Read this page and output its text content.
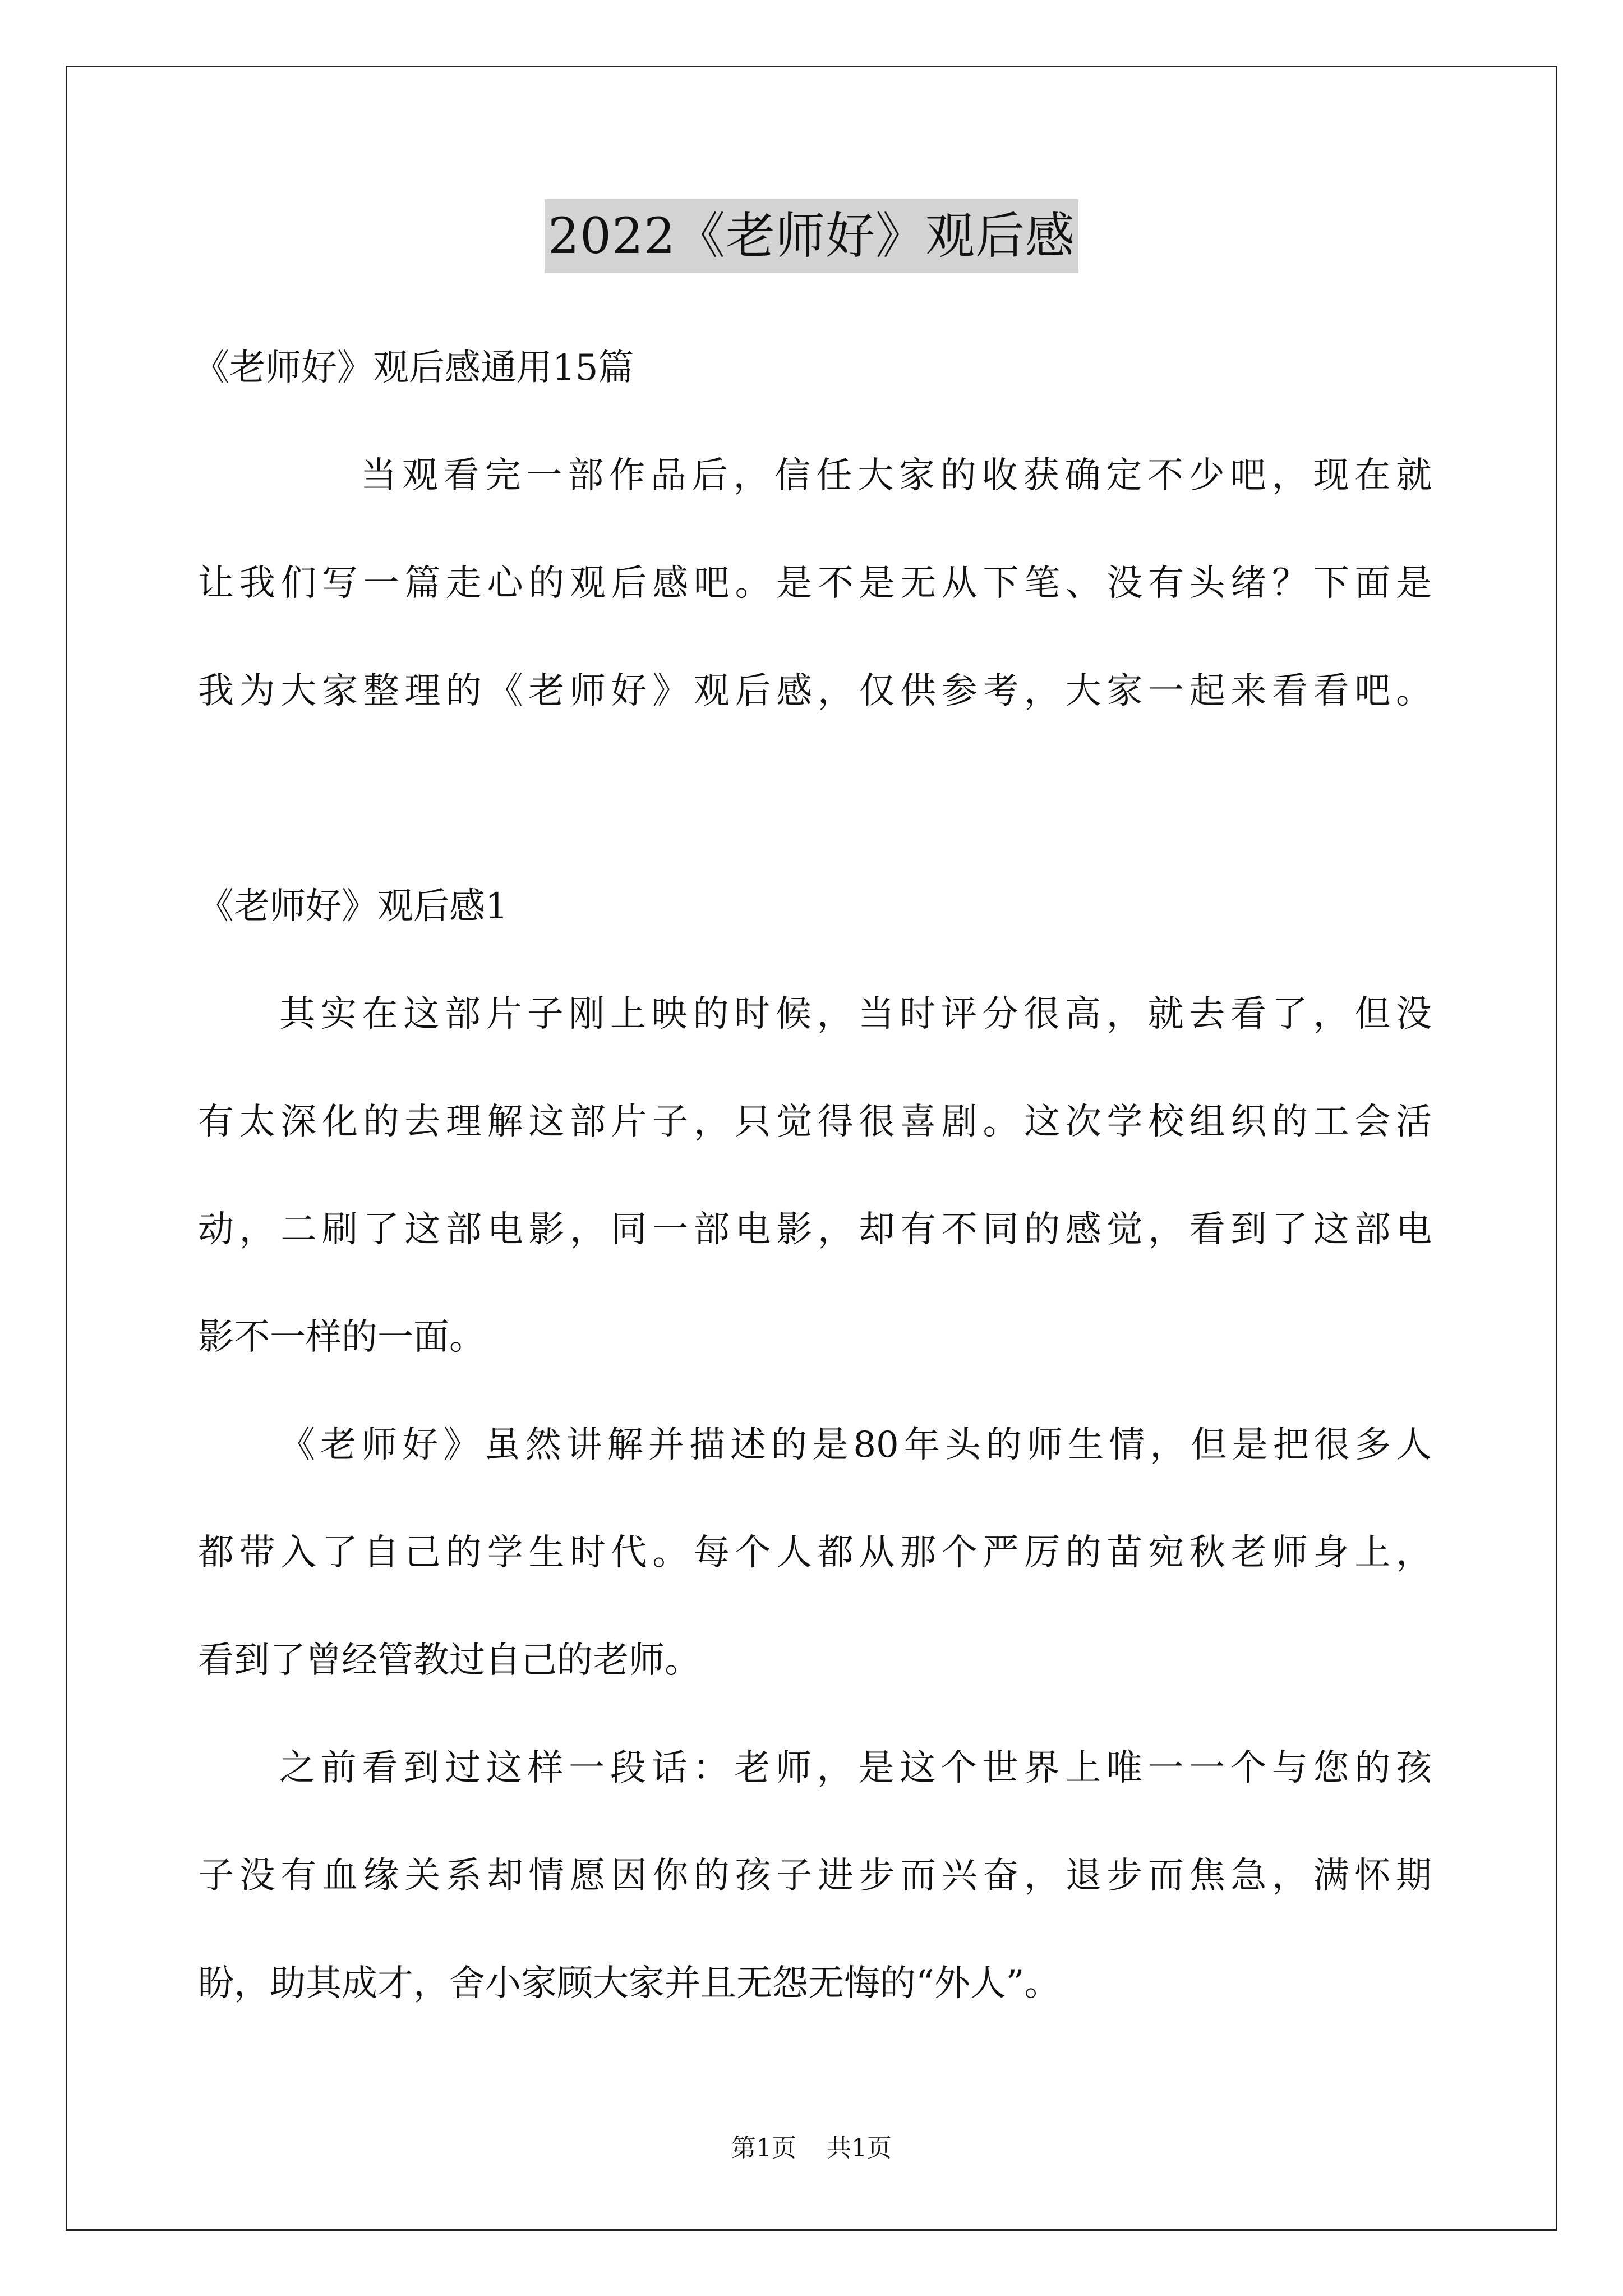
2022《老师好》观后感

《老师好》观后感通用15篇

当观看完一部作品后，信任大家的收获确定不少吧，现在就

让我们写一篇走心的观后感吧。是不是无从下笔、没有头绪？下面是

我为大家整理的《老师好》观后感，仅供参考，大家一起来看看吧。

《老师好》观后感1

其实在这部片子刚上映的时候，当时评分很高，就去看了，但没

有太深化的去理解这部片子，只觉得很喜剧。这次学校组织的工会活

动，二刷了这部电影，同一部电影，却有不同的感觉，看到了这部电

影不一样的一面。

《老师好》虽然讲解并描述的是80年头的师生情，但是把很多人

都带入了自己的学生时代。每个人都从那个严厉的苗宛秋老师身上，

看到了曾经管教过自己的老师。

之前看到过这样一段话：老师，是这个世界上唯一一个与您的孩

子没有血缘关系却情愿因你的孩子进步而兴奋，退步而焦急，满怀期

盼，助其成才，舍小家顾大家并且无怨无悔的“外人”。

第1页 共1页
